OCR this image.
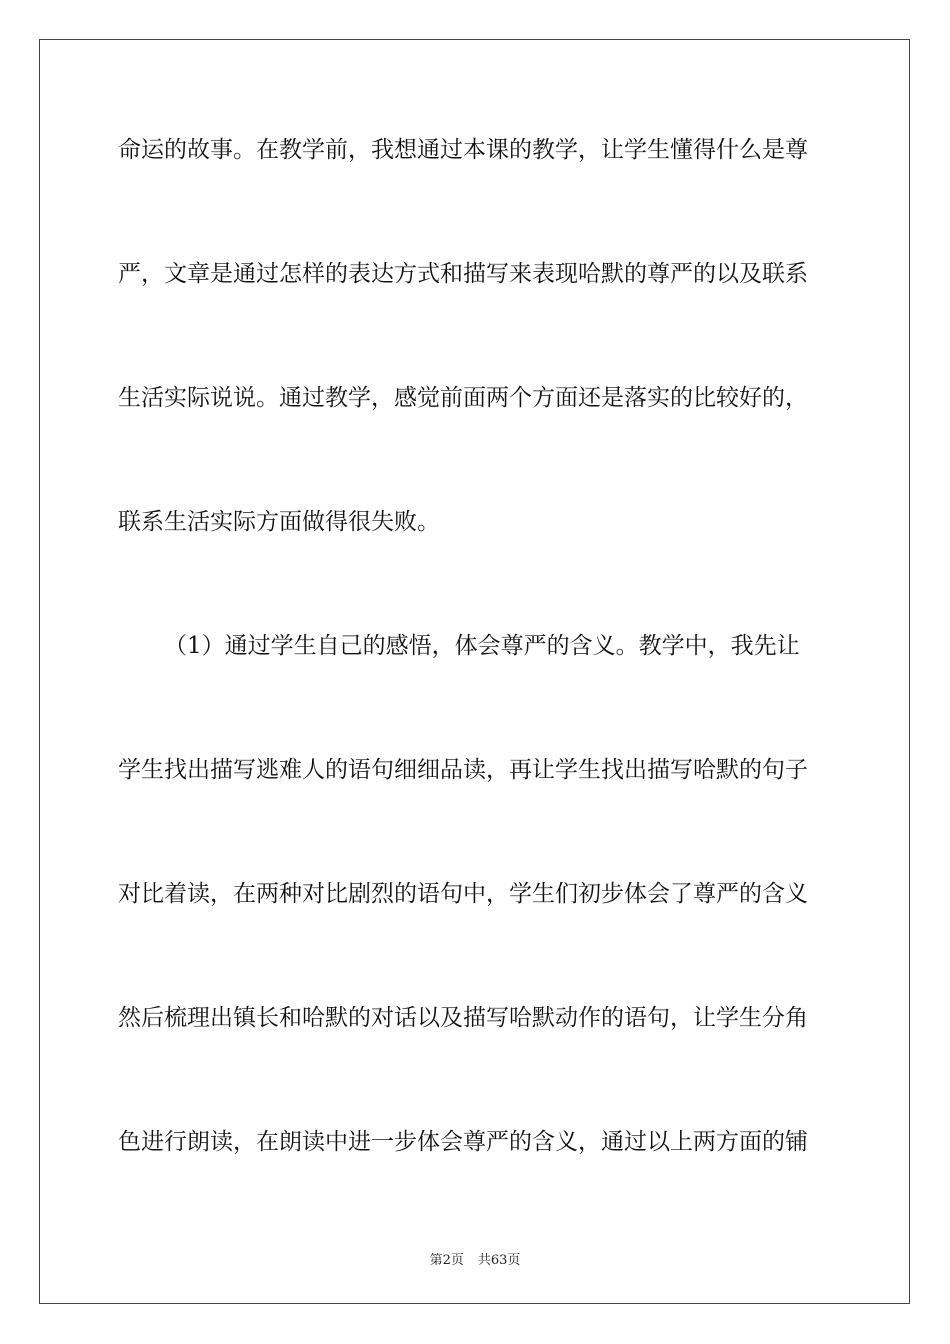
命运的故事。在教学前，我想通过本课的教学，让学生懂得什么是尊
严，文章是通过怎样的表达方式和描写来表现哈默的尊严的以及联系
生活实际说说。通过教学，感觉前面两个方面还是落实的比较好的，
联系生活实际方面做得很失败。
（1）通过学生自己的感悟，体会尊严的含义。教学中，我先让
学生找出描写逃难人的语句细细品读，再让学生找出描写哈默的句子
对比着读，在两种对比剧烈的语句中，学生们初步体会了尊严的含义
然后梳理出镇长和哈默的对话以及描写哈默动作的语句，让学生分角
色进行朗读，在朗读中进一步体会尊严的含义，通过以上两方面的铺
第2页 共63页
